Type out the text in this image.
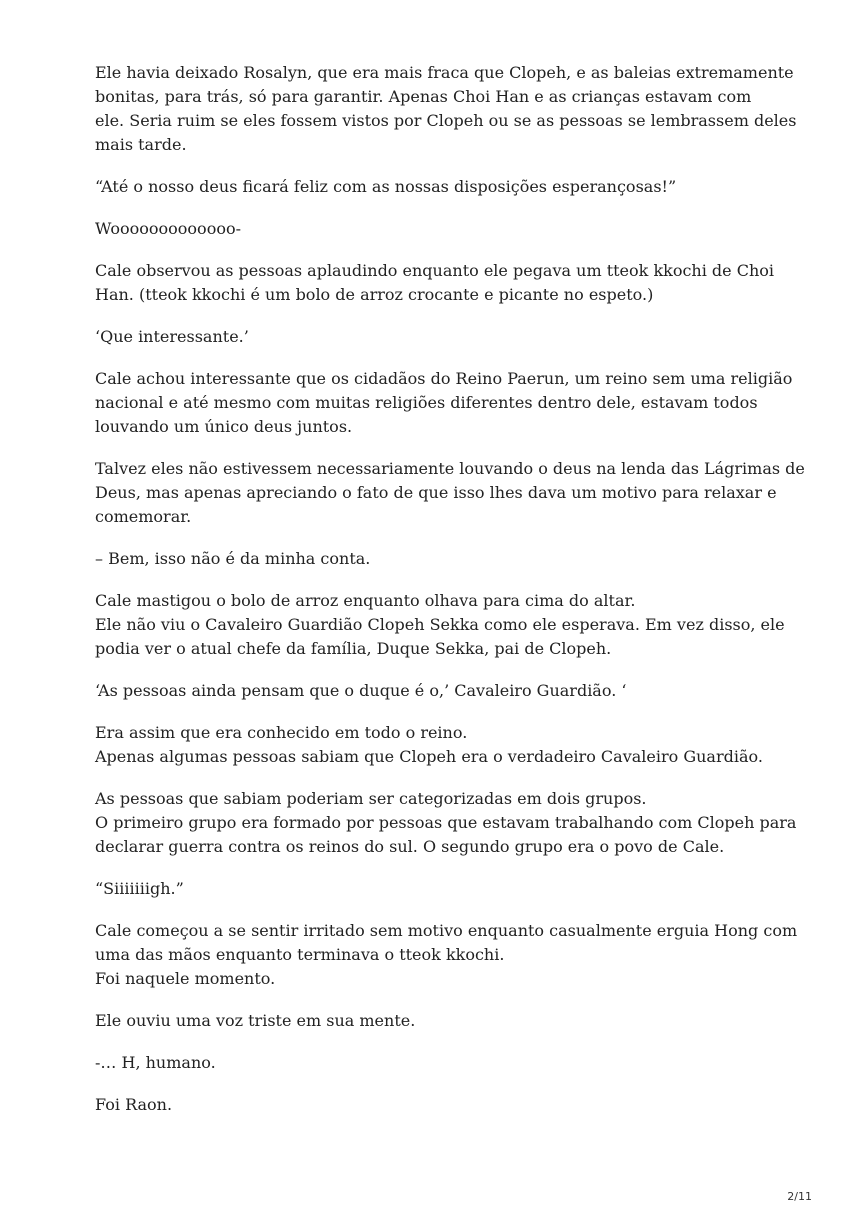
Ele havia deixado Rosalyn, que era mais fraca que Clopeh, e as baleias extremamente
bonitas, para trás, só para garantir. Apenas Choi Han e as crianças estavam com
ele. Seria ruim se eles fossem vistos por Clopeh ou se as pessoas se lembrassem deles
mais tarde.

“Até o nosso deus ficará feliz com as nossas disposições esperançosas!”

Wooooooooooooo-

Cale observou as pessoas aplaudindo enquanto ele pegava um tteok kkochi de Choi
Han. (tteok kkochi é um bolo de arroz crocante e picante no espeto.)

‘Que interessante.’

Cale achou interessante que os cidadãos do Reino Paerun, um reino sem uma religião
nacional e até mesmo com muitas religiões diferentes dentro dele, estavam todos
louvando um único deus juntos.

Talvez eles não estivessem necessariamente louvando o deus na lenda das Lágrimas de
Deus, mas apenas apreciando o fato de que isso lhes dava um motivo para relaxar e
comemorar.

– Bem, isso não é da minha conta.

Cale mastigou o bolo de arroz enquanto olhava para cima do altar.
Ele não viu o Cavaleiro Guardião Clopeh Sekka como ele esperava. Em vez disso, ele
podia ver o atual chefe da família, Duque Sekka, pai de Clopeh.

‘As pessoas ainda pensam que o duque é o,’ Cavaleiro Guardião. ‘

Era assim que era conhecido em todo o reino.
Apenas algumas pessoas sabiam que Clopeh era o verdadeiro Cavaleiro Guardião.

As pessoas que sabiam poderiam ser categorizadas em dois grupos.
O primeiro grupo era formado por pessoas que estavam trabalhando com Clopeh para
declarar guerra contra os reinos do sul. O segundo grupo era o povo de Cale.

“Siiiiiiigh.”

Cale começou a se sentir irritado sem motivo enquanto casualmente erguia Hong com
uma das mãos enquanto terminava o tteok kkochi.
Foi naquele momento.

Ele ouviu uma voz triste em sua mente.

-… H, humano.

Foi Raon.

2/11
